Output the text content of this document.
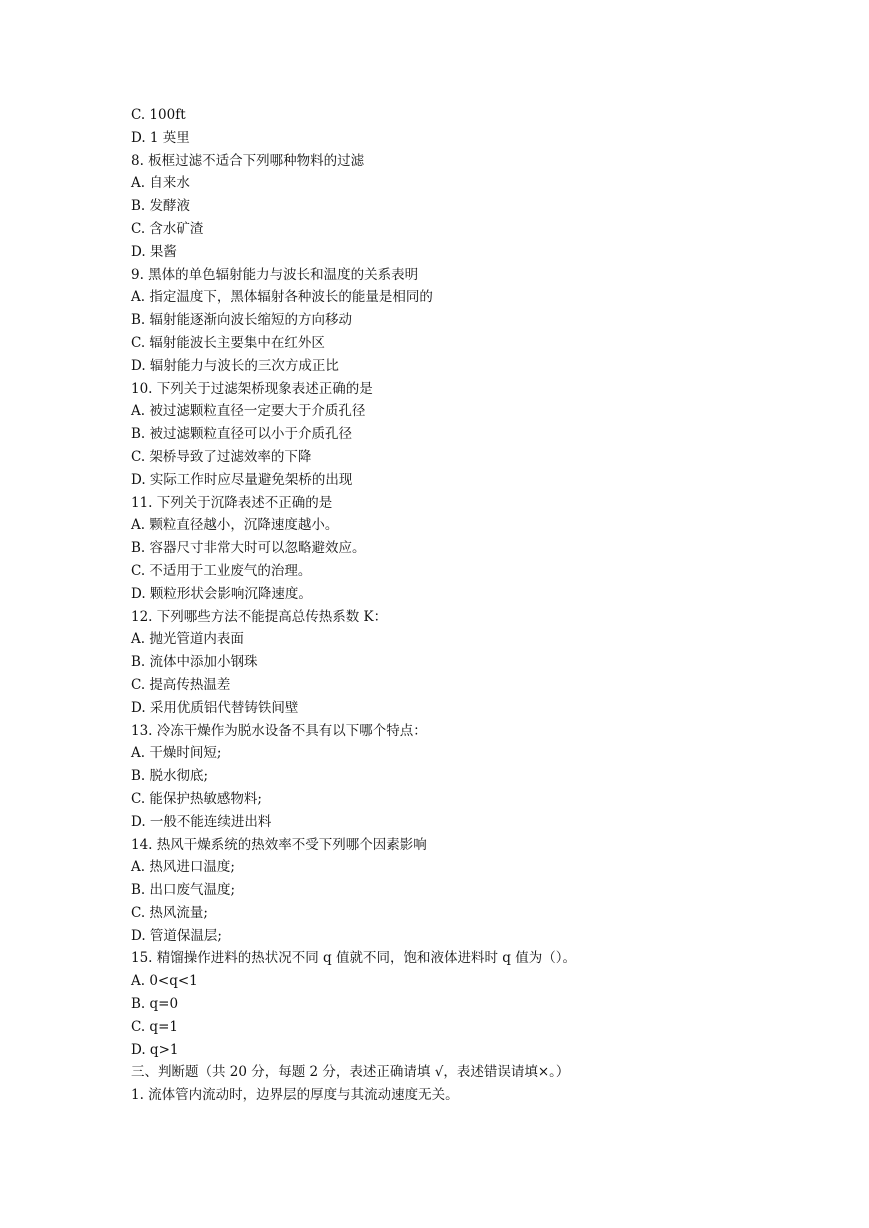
C. 100ft
D. 1 英里
8. 板框过滤不适合下列哪种物料的过滤
A. 自来水
B. 发酵液
C. 含水矿渣
D. 果酱
9. 黑体的单色辐射能力与波长和温度的关系表明
A. 指定温度下，黑体辐射各种波长的能量是相同的
B. 辐射能逐渐向波长缩短的方向移动
C. 辐射能波长主要集中在红外区
D. 辐射能力与波长的三次方成正比
10. 下列关于过滤架桥现象表述正确的是
A. 被过滤颗粒直径一定要大于介质孔径
B. 被过滤颗粒直径可以小于介质孔径
C. 架桥导致了过滤效率的下降
D. 实际工作时应尽量避免架桥的出现
11. 下列关于沉降表述不正确的是
A. 颗粒直径越小，沉降速度越小。
B. 容器尺寸非常大时可以忽略避效应。
C. 不适用于工业废气的治理。
D. 颗粒形状会影响沉降速度。
12. 下列哪些方法不能提高总传热系数 K：
A. 抛光管道内表面
B. 流体中添加小钢珠
C. 提高传热温差
D. 采用优质铝代替铸铁间壁
13. 冷冻干燥作为脱水设备不具有以下哪个特点：
A. 干燥时间短;
B. 脱水彻底;
C. 能保护热敏感物料;
D. 一般不能连续进出料
14. 热风干燥系统的热效率不受下列哪个因素影响
A. 热风进口温度;
B. 出口废气温度;
C. 热风流量;
D. 管道保温层;
15. 精馏操作进料的热状况不同 q 值就不同，饱和液体进料时 q 值为（）。
A. 0<q<1
B. q=0
C. q=1
D. q>1
三、判断题（共 20 分，每题 2 分，表述正确请填 √，表述错误请填×。）
1. 流体管内流动时，边界层的厚度与其流动速度无关。
